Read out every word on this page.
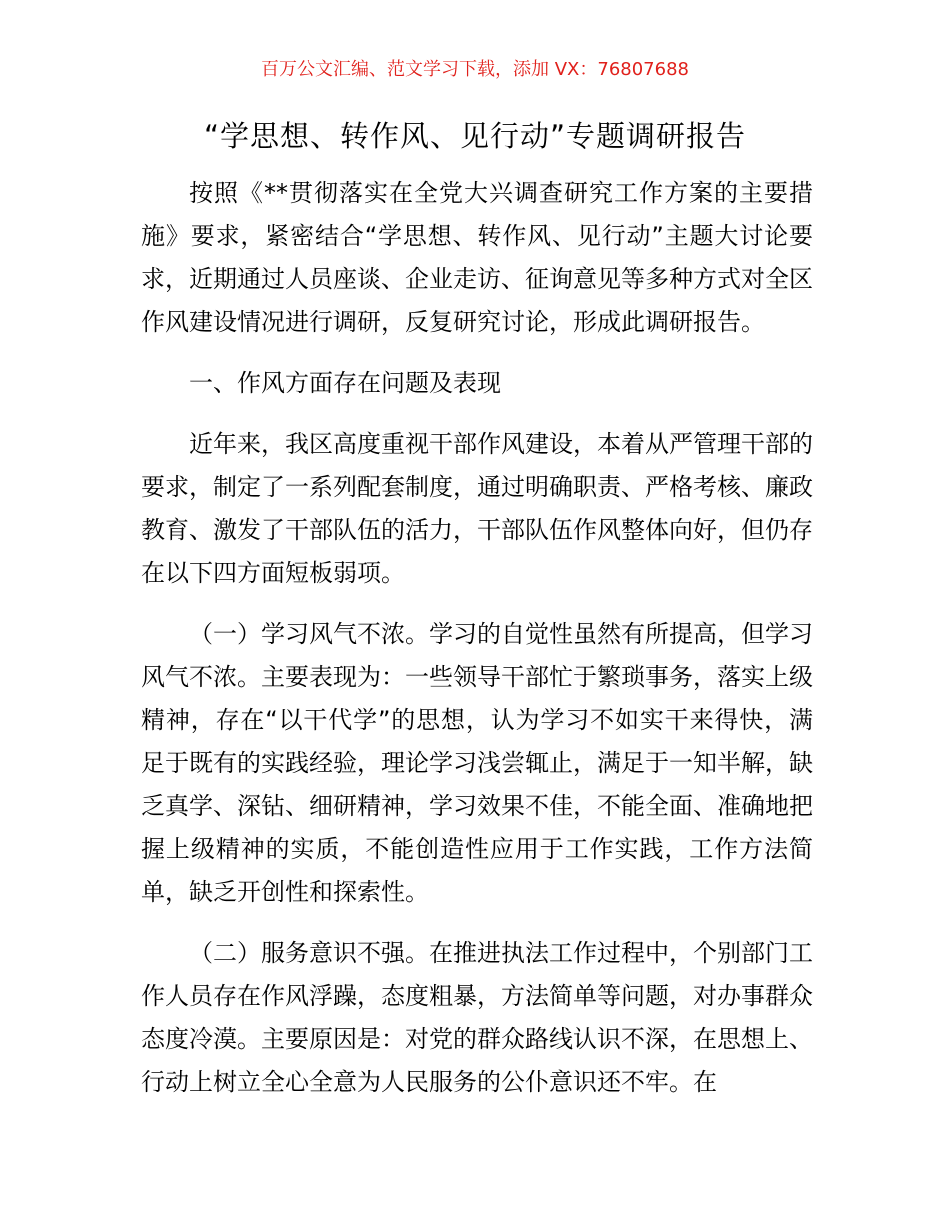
百万公文汇编、范文学习下载，添加 VX：76807688
“学思想、转作风、见行动”专题调研报告

按照《**贯彻落实在全党大兴调查研究工作方案的主要措施》要求，紧密结合“学思想、转作风、见行动”主题大讨论要求，近期通过人员座谈、企业走访、征询意见等多种方式对全区作风建设情况进行调研，反复研究讨论，形成此调研报告。

一、作风方面存在问题及表现

近年来，我区高度重视干部作风建设，本着从严管理干部的要求，制定了一系列配套制度，通过明确职责、严格考核、廉政教育、激发了干部队伍的活力，干部队伍作风整体向好，但仍存在以下四方面短板弱项。

（一）学习风气不浓。学习的自觉性虽然有所提高，但学习风气不浓。主要表现为：一些领导干部忙于繁琐事务，落实上级精神，存在“以干代学”的思想，认为学习不如实干来得快，满足于既有的实践经验，理论学习浅尝辄止，满足于一知半解，缺乏真学、深钻、细研精神，学习效果不佳，不能全面、准确地把握上级精神的实质，不能创造性应用于工作实践，工作方法简单，缺乏开创性和探索性。

（二）服务意识不强。在推进执法工作过程中，个别部门工作人员存在作风浮躁，态度粗暴，方法简单等问题，对办事群众态度冷漠。主要原因是：对党的群众路线认识不深，在思想上、行动上树立全心全意为人民服务的公仆意识还不牢。在
